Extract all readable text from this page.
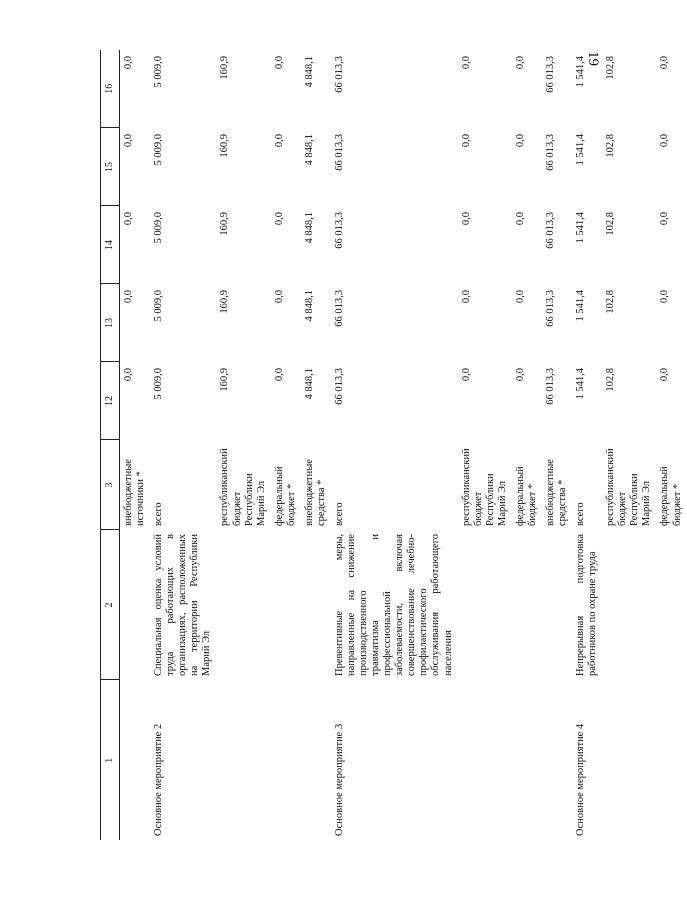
19
1	2	3	12	13	14	15	16
		внебюджетные источники *	0,0	0,0	0,0	0,0	0,0
Основное мероприятие 2	Специальная оценка условий труда работающих в организациях, расположенных на территории Республики Марий Эл	всего	5 009,0	5 009,0	5 009,0	5 009,0	5 009,0
		республиканский бюджет Республики Марий Эл	160,9	160,9	160,9	160,9	160,9
		федеральный бюджет *	0,0	0,0	0,0	0,0	0,0
		внебюджетные средства *	4 848,1	4 848,1	4 848,1	4 848,1	4 848,1
Основное мероприятие 3	Превентивные меры, направленные на снижение производственного травматизма и профессиональной заболеваемости, включая совершенствование лечебно-профилактического обслуживания работающего населения	всего	66 013,3	66 013,3	66 013,3	66 013,3	66 013,3
		республиканский бюджет Республики Марий Эл	0,0	0,0	0,0	0,0	0,0
		федеральный бюджет *	0,0	0,0	0,0	0,0	0,0
		внебюджетные средства *	66 013,3	66 013,3	66 013,3	66 013,3	66 013,3
Основное мероприятие 4	Непрерывная подготовка работников по охране труда	всего	1 541,4	1 541,4	1 541,4	1 541,4	1 541,4
		республиканский бюджет Республики Марий Эл	102,8	102,8	102,8	102,8	102,8
		федеральный бюджет *	0,0	0,0	0,0	0,0	0,0
